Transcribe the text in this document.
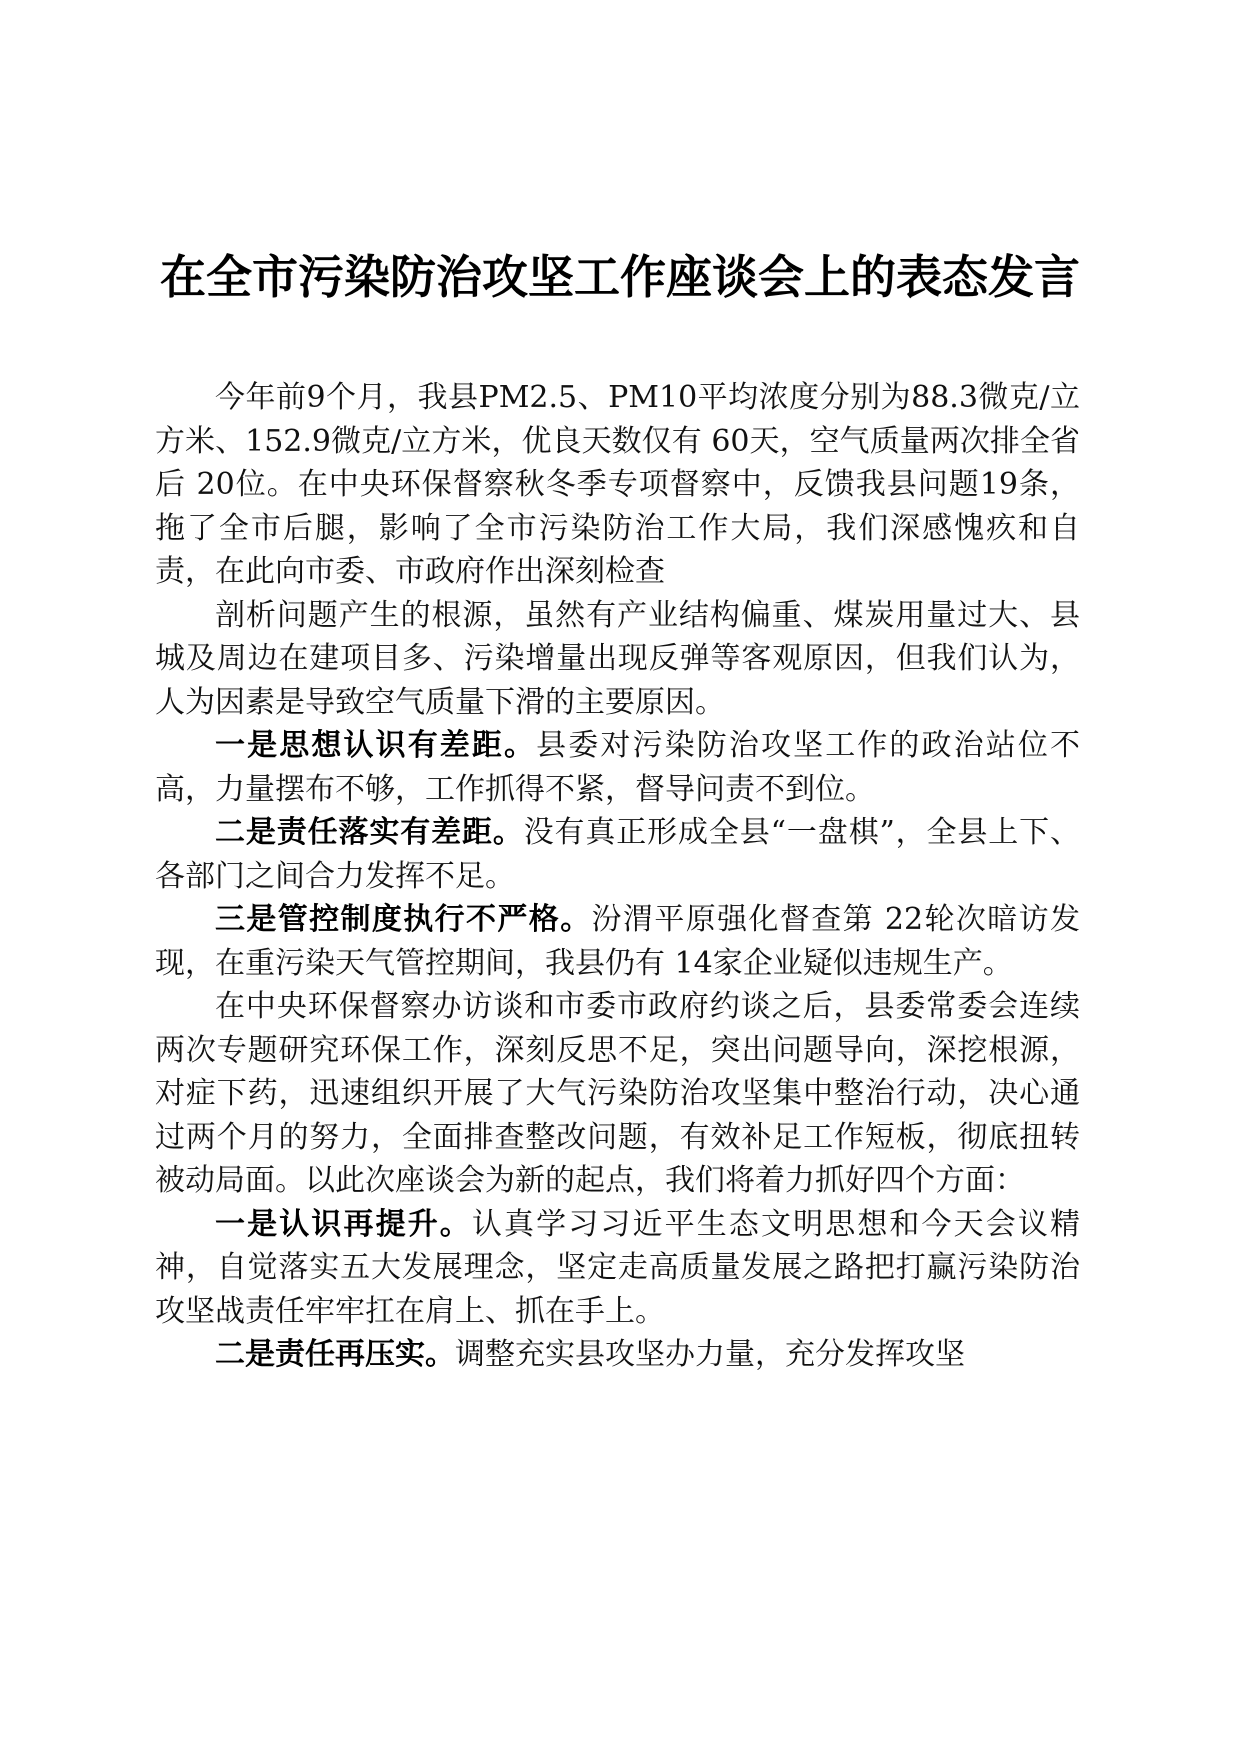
在全市污染防治攻坚工作座谈会上的表态发言

今年前9个月，我县PM2.5、PM10平均浓度分别为88.3微克/立方米、152.9微克/立方米，优良天数仅有 60天，空气质量两次排全省后 20位。在中央环保督察秋冬季专项督察中，反馈我县问题19条，拖了全市后腿，影响了全市污染防治工作大局，我们深感愧疚和自责，在此向市委、市政府作出深刻检查

剖析问题产生的根源，虽然有产业结构偏重、煤炭用量过大、县城及周边在建项目多、污染增量出现反弹等客观原因，但我们认为，人为因素是导致空气质量下滑的主要原因。

一是思想认识有差距。县委对污染防治攻坚工作的政治站位不高，力量摆布不够，工作抓得不紧，督导问责不到位。

二是责任落实有差距。没有真正形成全县“一盘棋”，全县上下、各部门之间合力发挥不足。

三是管控制度执行不严格。汾渭平原强化督查第 22轮次暗访发现，在重污染天气管控期间，我县仍有 14家企业疑似违规生产。

在中央环保督察办访谈和市委市政府约谈之后，县委常委会连续两次专题研究环保工作，深刻反思不足，突出问题导向，深挖根源，对症下药，迅速组织开展了大气污染防治攻坚集中整治行动，决心通过两个月的努力，全面排查整改问题，有效补足工作短板，彻底扭转被动局面。以此次座谈会为新的起点，我们将着力抓好四个方面：

一是认识再提升。认真学习习近平生态文明思想和今天会议精神，自觉落实五大发展理念，坚定走高质量发展之路把打赢污染防治攻坚战责任牢牢扛在肩上、抓在手上。

二是责任再压实。调整充实县攻坚办力量，充分发挥攻坚
